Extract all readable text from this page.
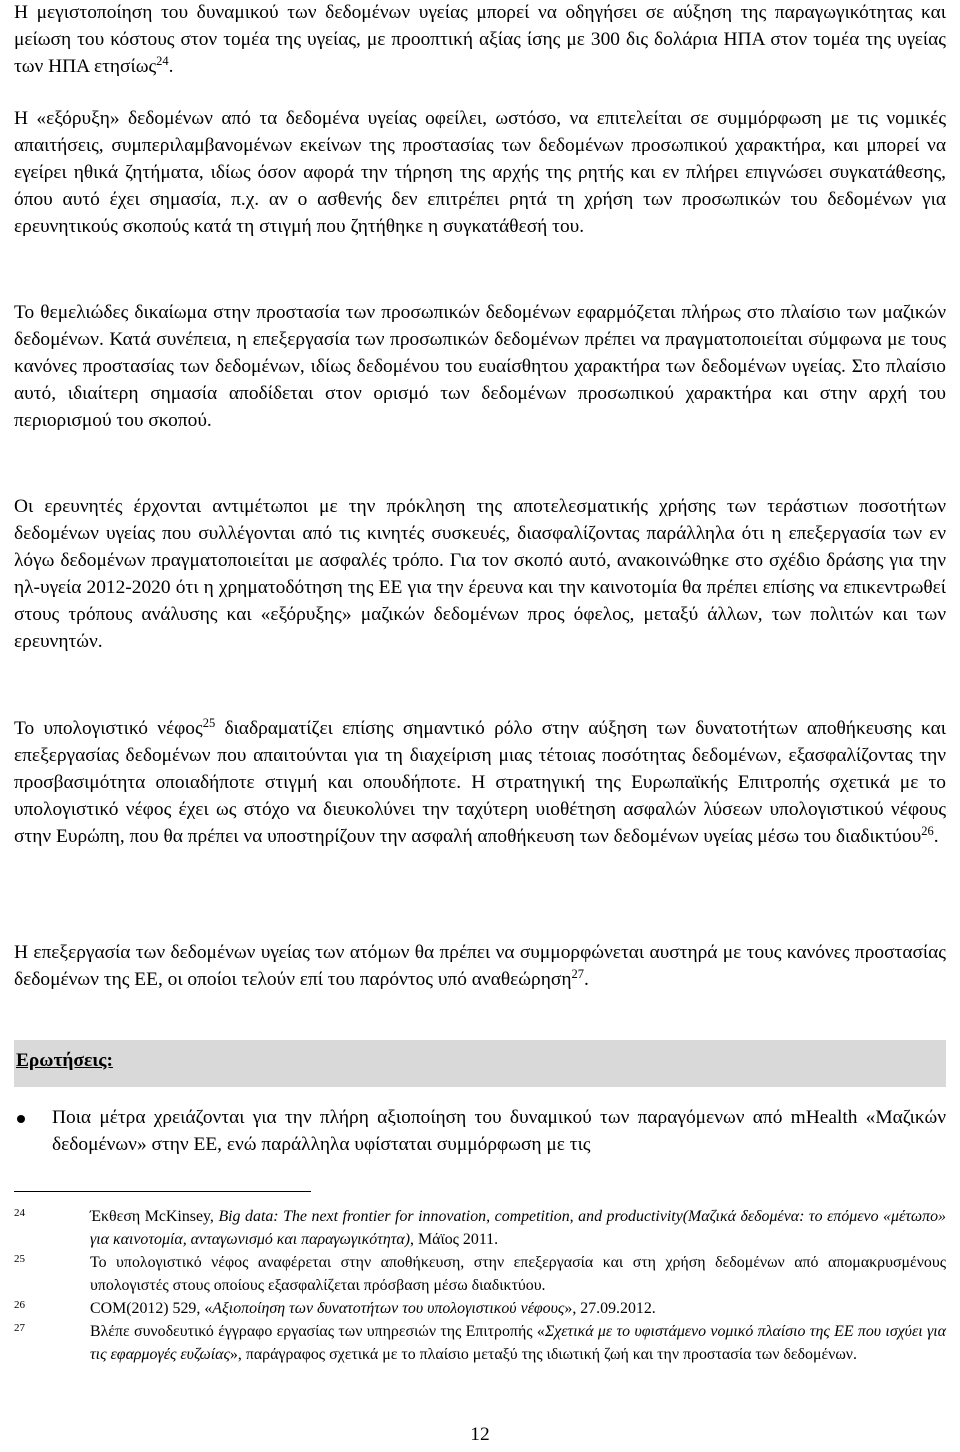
Η μεγιστοποίηση του δυναμικού των δεδομένων υγείας μπορεί να οδηγήσει σε αύξηση της παραγωγικότητας και μείωση του κόστους στον τομέα της υγείας, με προοπτική αξίας ίσης με 300 δις δολάρια ΗΠΑ στον τομέα της υγείας των ΗΠΑ ετησίως$^{24}$.

Η «εξόρυξη» δεδομένων από τα δεδομένα υγείας οφείλει, ωστόσο, να επιτελείται σε συμμόρφωση με τις νομικές απαιτήσεις, συμπεριλαμβανομένων εκείνων της προστασίας των δεδομένων προσωπικού χαρακτήρα, και μπορεί να εγείρει ηθικά ζητήματα, ιδίως όσον αφορά την τήρηση της αρχής της ρητής και εν πλήρει επιγνώσει συγκατάθεσης, όπου αυτό έχει σημασία, π.χ. αν ο ασθενής δεν επιτρέπει ρητά τη χρήση των προσωπικών του δεδομένων για ερευνητικούς σκοπούς κατά τη στιγμή που ζητήθηκε η συγκατάθεσή του.

Το θεμελιώδες δικαίωμα στην προστασία των προσωπικών δεδομένων εφαρμόζεται πλήρως στο πλαίσιο των μαζικών δεδομένων. Κατά συνέπεια, η επεξεργασία των προσωπικών δεδομένων πρέπει να πραγματοποιείται σύμφωνα με τους κανόνες προστασίας των δεδομένων, ιδίως δεδομένου του ευαίσθητου χαρακτήρα των δεδομένων υγείας. Στο πλαίσιο αυτό, ιδιαίτερη σημασία αποδίδεται στον ορισμό των δεδομένων προσωπικού χαρακτήρα και στην αρχή του περιορισμού του σκοπού.

Οι ερευνητές έρχονται αντιμέτωποι με την πρόκληση της αποτελεσματικής χρήσης των τεράστιων ποσοτήτων δεδομένων υγείας που συλλέγονται από τις κινητές συσκευές, διασφαλίζοντας παράλληλα ότι η επεξεργασία των εν λόγω δεδομένων πραγματοποιείται με ασφαλές τρόπο. Για τον σκοπό αυτό, ανακοινώθηκε στο σχέδιο δράσης για την ηλ-υγεία 2012-2020 ότι η χρηματοδότηση της ΕΕ για την έρευνα και την καινοτομία θα πρέπει επίσης να επικεντρωθεί στους τρόπους ανάλυσης και «εξόρυξης» μαζικών δεδομένων προς όφελος, μεταξύ άλλων, των πολιτών και των ερευνητών.

Το υπολογιστικό νέφος$^{25}$ διαδραματίζει επίσης σημαντικό ρόλο στην αύξηση των δυνατοτήτων αποθήκευσης και επεξεργασίας δεδομένων που απαιτούνται για τη διαχείριση μιας τέτοιας ποσότητας δεδομένων, εξασφαλίζοντας την προσβασιμότητα οποιαδήποτε στιγμή και οπουδήποτε. Η στρατηγική της Ευρωπαϊκής Επιτροπής σχετικά με το υπολογιστικό νέφος έχει ως στόχο να διευκολύνει την ταχύτερη υιοθέτηση ασφαλών λύσεων υπολογιστικού νέφους στην Ευρώπη, που θα πρέπει να υποστηρίζουν την ασφαλή αποθήκευση των δεδομένων υγείας μέσω του διαδικτύου$^{26}$.

Η επεξεργασία των δεδομένων υγείας των ατόμων θα πρέπει να συμμορφώνεται αυστηρά με τους κανόνες προστασίας δεδομένων της ΕΕ, οι οποίοι τελούν επί του παρόντος υπό αναθεώρηση$^{27}$.

Ερωτήσεις:
Ποια μέτρα χρειάζονται για την πλήρη αξιοποίηση του δυναμικού των παραγόμενων από mHealth «Μαζικών δεδομένων» στην ΕΕ, ενώ παράλληλα υφίσταται συμμόρφωση με τις
24	Έκθεση McKinsey, Big data: The next frontier for innovation, competition, and productivity(Μαζικά δεδομένα: το επόμενο «μέτωπο» για καινοτομία, ανταγωνισμό και παραγωγικότητα), Μάϊος 2011.
25	Το υπολογιστικό νέφος αναφέρεται στην αποθήκευση, στην επεξεργασία και στη χρήση δεδομένων από απομακρυσμένους υπολογιστές στους οποίους εξασφαλίζεται πρόσβαση μέσω διαδικτύου.
26	COM(2012) 529, «Αξιοποίηση των δυνατοτήτων του υπολογιστικού νέφους», 27.09.2012.
27	Βλέπε συνοδευτικό έγγραφο εργασίας των υπηρεσιών της Επιτροπής «Σχετικά με το υφιστάμενο νομικό πλαίσιο της ΕΕ που ισχύει για τις εφαρμογές ευζωίας», παράγραφος σχετικά με το πλαίσιο μεταξύ της ιδιωτική ζωή και την προστασία των δεδομένων.
12
